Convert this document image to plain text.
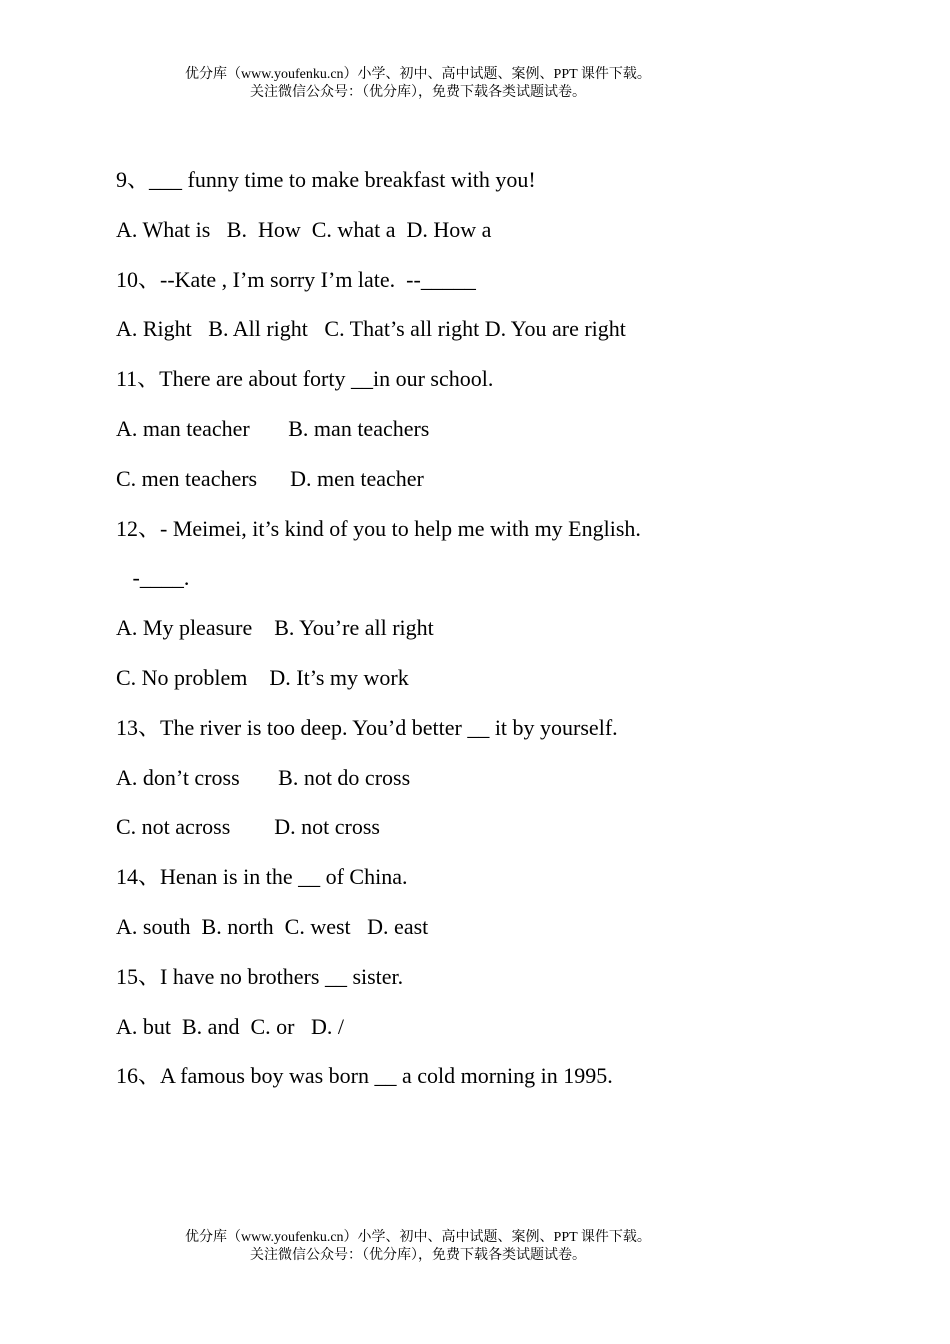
优分库（www.youfenku.cn）小学、初中、高中试题、案例、PPT 课件下载。
关注微信公众号：（优分库），免费下载各类试题试卷。
9、___ funny time to make breakfast with you!
A. What is   B.  How  C. what a  D. How a
10、--Kate , I’m sorry I’m late.  --_____
A. Right   B. All right   C. That’s all right D. You are right
11、There are about forty __in our school.
A. man teacher       B. man teachers
C. men teachers      D. men teacher
12、- Meimei, it’s kind of you to help me with my English.
-____.
A. My pleasure    B. You’re all right
C. No problem    D. It’s my work
13、The river is too deep. You’d better __ it by yourself.
A. don’t cross       B. not do cross
C. not across        D. not cross
14、Henan is in the __ of China.
A. south  B. north  C. west   D. east
15、I have no brothers __ sister.
A. but  B. and  C. or   D. /
16、A famous boy was born __ a cold morning in 1995.
优分库（www.youfenku.cn）小学、初中、高中试题、案例、PPT 课件下载。
关注微信公众号：（优分库），免费下载各类试题试卷。
